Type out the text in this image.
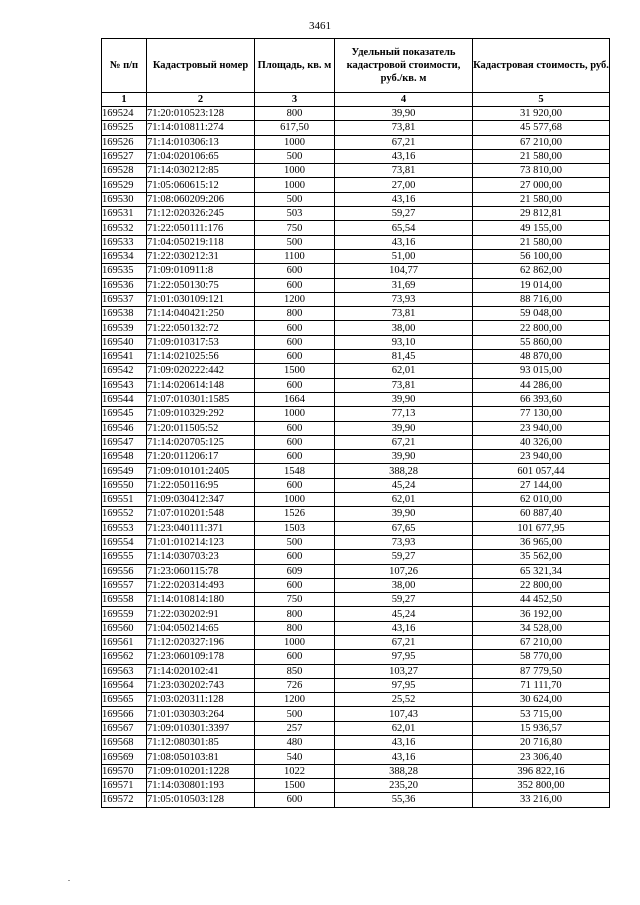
3461
№ п/п	Кадастровый номер	Площадь, кв. м	Удельный показатель кадастровой стоимости, руб./кв. м	Кадастровая стоимость, руб.
1	2	3	4	5
169524	71:20:010523:128	800	39,90	31 920,00
169525	71:14:010811:274	617,50	73,81	45 577,68
169526	71:14:010306:13	1000	67,21	67 210,00
169527	71:04:020106:65	500	43,16	21 580,00
169528	71:14:030212:85	1000	73,81	73 810,00
169529	71:05:060615:12	1000	27,00	27 000,00
169530	71:08:060209:206	500	43,16	21 580,00
169531	71:12:020326:245	503	59,27	29 812,81
169532	71:22:050111:176	750	65,54	49 155,00
169533	71:04:050219:118	500	43,16	21 580,00
169534	71:22:030212:31	1100	51,00	56 100,00
169535	71:09:010911:8	600	104,77	62 862,00
169536	71:22:050130:75	600	31,69	19 014,00
169537	71:01:030109:121	1200	73,93	88 716,00
169538	71:14:040421:250	800	73,81	59 048,00
169539	71:22:050132:72	600	38,00	22 800,00
169540	71:09:010317:53	600	93,10	55 860,00
169541	71:14:021025:56	600	81,45	48 870,00
169542	71:09:020222:442	1500	62,01	93 015,00
169543	71:14:020614:148	600	73,81	44 286,00
169544	71:07:010301:1585	1664	39,90	66 393,60
169545	71:09:010329:292	1000	77,13	77 130,00
169546	71:20:011505:52	600	39,90	23 940,00
169547	71:14:020705:125	600	67,21	40 326,00
169548	71:20:011206:17	600	39,90	23 940,00
169549	71:09:010101:2405	1548	388,28	601 057,44
169550	71:22:050116:95	600	45,24	27 144,00
169551	71:09:030412:347	1000	62,01	62 010,00
169552	71:07:010201:548	1526	39,90	60 887,40
169553	71:23:040111:371	1503	67,65	101 677,95
169554	71:01:010214:123	500	73,93	36 965,00
169555	71:14:030703:23	600	59,27	35 562,00
169556	71:23:060115:78	609	107,26	65 321,34
169557	71:22:020314:493	600	38,00	22 800,00
169558	71:14:010814:180	750	59,27	44 452,50
169559	71:22:030202:91	800	45,24	36 192,00
169560	71:04:050214:65	800	43,16	34 528,00
169561	71:12:020327:196	1000	67,21	67 210,00
169562	71:23:060109:178	600	97,95	58 770,00
169563	71:14:020102:41	850	103,27	87 779,50
169564	71:23:030202:743	726	97,95	71 111,70
169565	71:03:020311:128	1200	25,52	30 624,00
169566	71:01:030303:264	500	107,43	53 715,00
169567	71:09:010301:3397	257	62,01	15 936,57
169568	71:12:080301:85	480	43,16	20 716,80
169569	71:08:050103:81	540	43,16	23 306,40
169570	71:09:010201:1228	1022	388,28	396 822,16
169571	71:14:030801:193	1500	235,20	352 800,00
169572	71:05:010503:128	600	55,36	33 216,00
